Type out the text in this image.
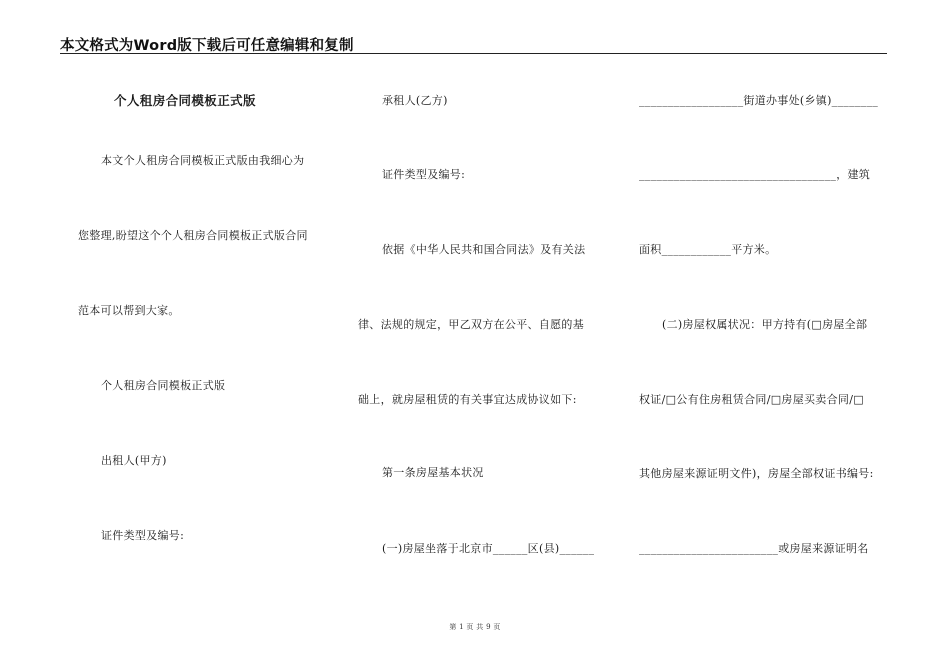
本文格式为Word版下载后可任意编辑和复制
个人租房合同模板正式版
本文个人租房合同模板正式版由我细心为
您整理,盼望这个个人租房合同模板正式版合同
范本可以帮到大家。
个人租房合同模板正式版
出租人(甲方)
证件类型及编号:
承租人(乙方)
证件类型及编号:
依据《中华人民共和国合同法》及有关法
律、法规的规定，甲乙双方在公平、自愿的基
础上，就房屋租赁的有关事宜达成协议如下:
第一条房屋基本状况
(一)房屋坐落于北京市______区(县)______
__________________街道办事处(乡镇)________
__________________________________，建筑
面积____________平方米。
(二)房屋权属状况：甲方持有(□房屋全部
权证/□公有住房租赁合同/□房屋买卖合同/□
其他房屋来源证明文件)，房屋全部权证书编号:
________________________或房屋来源证明名
第 1 页 共 9 页
